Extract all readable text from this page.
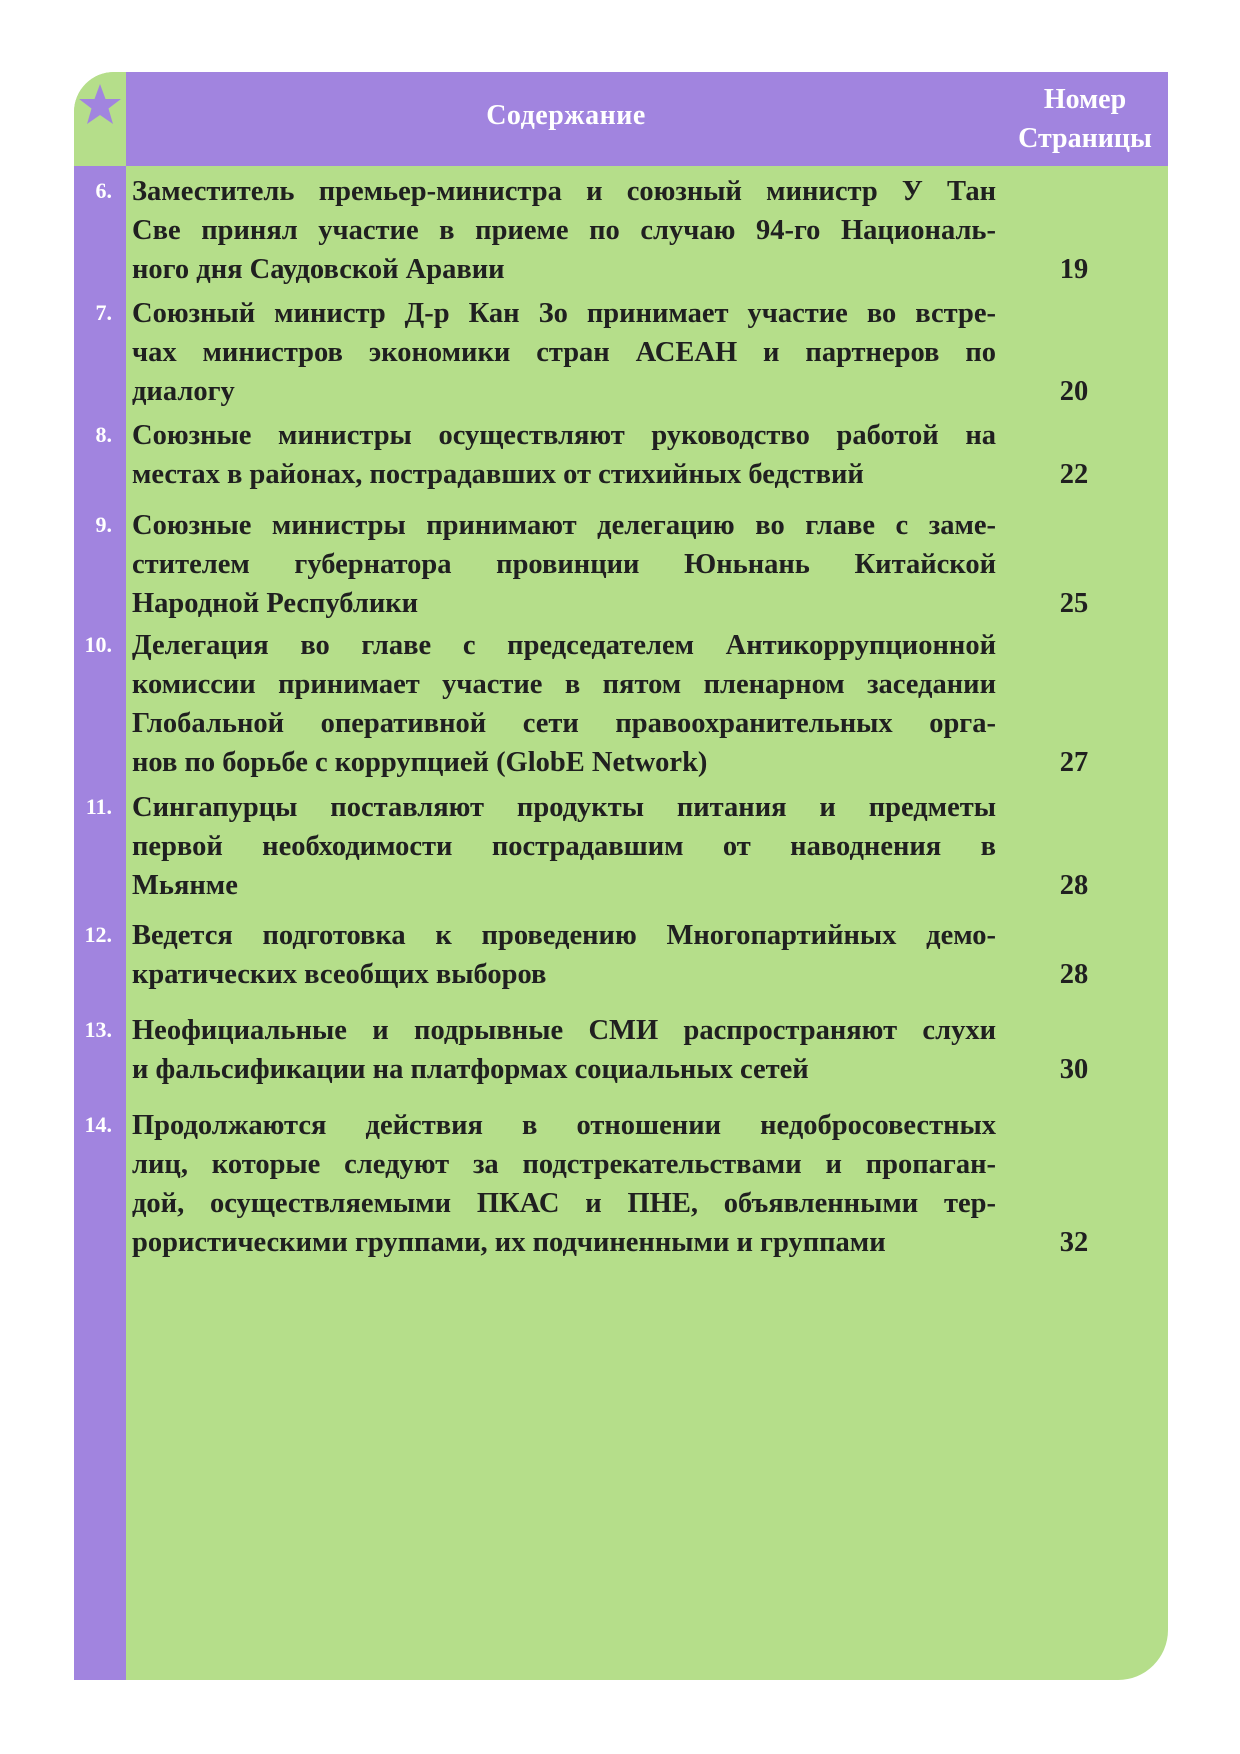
Содержание
Номер
Страницы
6. Заместитель премьер-министра и союзный министр У Тан
Све принял участие в приеме по случаю 94-го Националь-
ного дня Саудовской Аравии	19
7. Союзный министр Д-р Кан Зо принимает участие во встре-
чах министров экономики стран АСЕАН и партнеров по
диалогу	20
8. Союзные министры осуществляют руководство работой на
местах в районах, пострадавших от стихийных бедствий	22
9. Союзные министры принимают делегацию во главе с заме-
стителем губернатора провинции Юньнань Китайской
Народной Республики	25
10. Делегация во главе с председателем Антикоррупционной
комиссии принимает участие в пятом пленарном заседании
Глобальной оперативной сети правоохранительных орга-
нов по борьбе с коррупцией (GlobE Network)	27
11. Сингапурцы поставляют продукты питания и предметы
первой необходимости пострадавшим от наводнения в
Мьянме	28
12. Ведется подготовка к проведению Многопартийных демо-
кратических всеобщих выборов	28
13. Неофициальные и подрывные СМИ распространяют слухи
и фальсификации на платформах социальных сетей	30
14. Продолжаются действия в отношении недобросовестных
лиц, которые следуют за подстрекательствами и пропаган-
дой, осуществляемыми ПКАС и ПНЕ, объявленными тер-
рористическими группами, их подчиненными и группами	32
